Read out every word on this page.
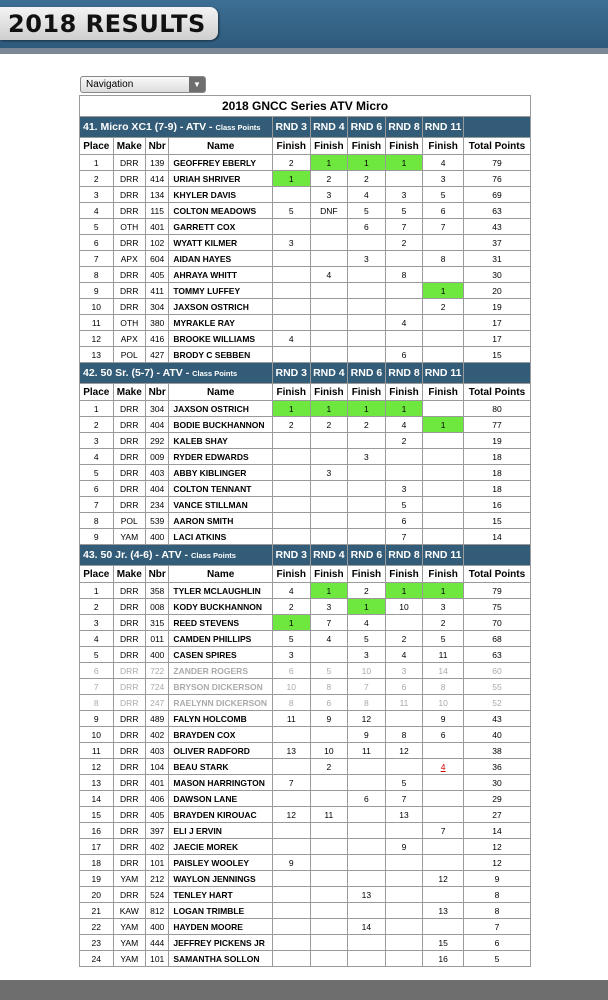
2018 RESULTS
Navigation	▼
2018 GNCC Series ATV Micro									
41. Micro XC1 (7-9) - ATV - Class Points				RND 3	RND 4	RND 6	RND 8	RND 11	
Place	Make	Nbr	Name	Finish	Finish	Finish	Finish	Finish	Total Points
1	DRR	139	GEOFFREY EBERLY	2	1	1	1	4	79
2	DRR	414	URIAH SHRIVER	1	2	2		3	76
3	DRR	134	KHYLER DAVIS		3	4	3	5	69
4	DRR	115	COLTON MEADOWS	5	DNF	5	5	6	63
5	OTH	401	GARRETT COX			6	7	7	43
6	DRR	102	WYATT KILMER	3			2		37
7	APX	604	AIDAN HAYES			3		8	31
8	DRR	405	AHRAYA WHITT		4		8		30
9	DRR	411	TOMMY LUFFEY					1	20
10	DRR	304	JAXSON OSTRICH					2	19
11	OTH	380	MYRAKLE RAY				4		17
12	APX	416	BROOKE WILLIAMS	4					17
13	POL	427	BRODY C SEBBEN				6		15
42. 50 Sr. (5-7) - ATV - Class Points				RND 3	RND 4	RND 6	RND 8	RND 11	
Place	Make	Nbr	Name	Finish	Finish	Finish	Finish	Finish	Total Points
1	DRR	304	JAXSON OSTRICH	1	1	1	1		80
2	DRR	404	BODIE BUCKHANNON	2	2	2	4	1	77
3	DRR	292	KALEB SHAY				2		19
4	DRR	009	RYDER EDWARDS			3			18
5	DRR	403	ABBY KIBLINGER		3				18
6	DRR	404	COLTON TENNANT				3		18
7	DRR	234	VANCE STILLMAN				5		16
8	POL	539	AARON SMITH				6		15
9	YAM	400	LACI ATKINS				7		14
43. 50 Jr. (4-6) - ATV - Class Points				RND 3	RND 4	RND 6	RND 8	RND 11	
Place	Make	Nbr	Name	Finish	Finish	Finish	Finish	Finish	Total Points
1	DRR	358	TYLER MCLAUGHLIN	4	1	2	1	1	79
2	DRR	008	KODY BUCKHANNON	2	3	1	10	3	75
3	DRR	315	REED STEVENS	1	7	4		2	70
4	DRR	011	CAMDEN PHILLIPS	5	4	5	2	5	68
5	DRR	400	CASEN SPIRES	3		3	4	11	63
6	DRR	722	ZANDER ROGERS	6	5	10	3	14	60
7	DRR	724	BRYSON DICKERSON	10	8	7	6	8	55
8	DRR	247	RAELYNN DICKERSON	8	6	8	11	10	52
9	DRR	489	FALYN HOLCOMB	11	9	12		9	43
10	DRR	402	BRAYDEN COX			9	8	6	40
11	DRR	403	OLIVER RADFORD	13	10	11	12		38
12	DRR	104	BEAU STARK		2			4	36
13	DRR	401	MASON HARRINGTON	7			5		30
14	DRR	406	DAWSON LANE			6	7		29
15	DRR	405	BRAYDEN KIROUAC	12	11		13		27
16	DRR	397	ELI J ERVIN					7	14
17	DRR	402	JAECIE MOREK				9		12
18	DRR	101	PAISLEY WOOLEY	9					12
19	YAM	212	WAYLON JENNINGS					12	9
20	DRR	524	TENLEY HART			13			8
21	KAW	812	LOGAN TRIMBLE					13	8
22	YAM	400	HAYDEN MOORE			14			7
23	YAM	444	JEFFREY PICKENS JR					15	6
24	YAM	101	SAMANTHA SOLLON					16	5
